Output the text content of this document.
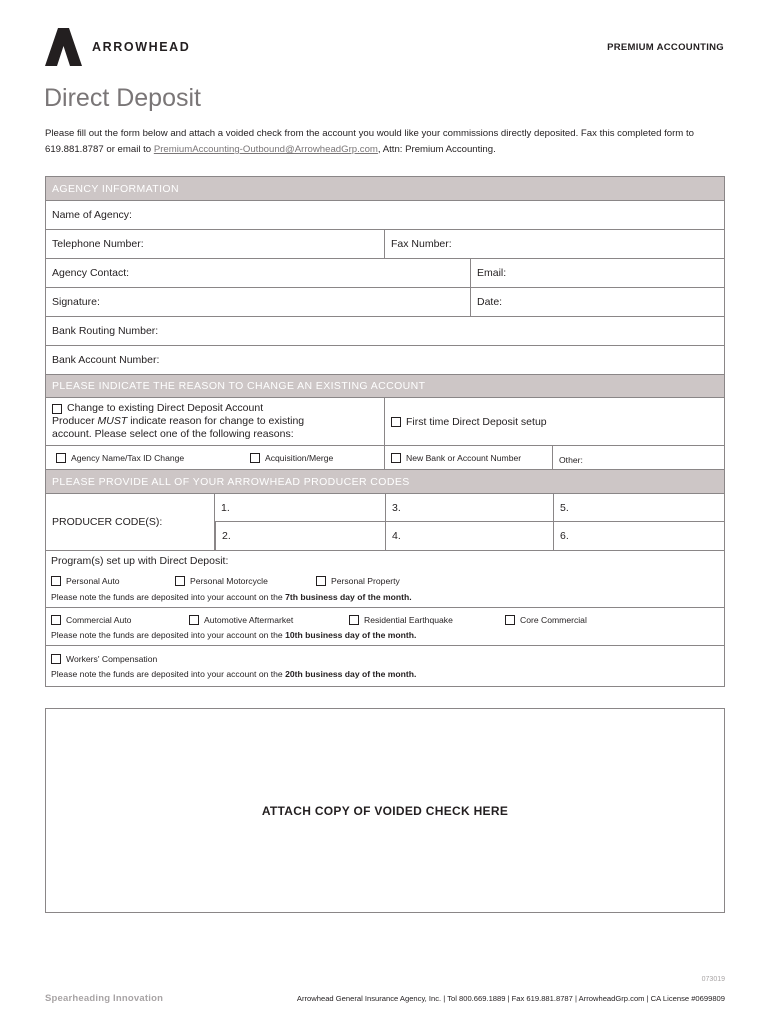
ARROWHEAD	PREMIUM ACCOUNTING
Direct Deposit
Please fill out the form below and attach a voided check from the account you would like your commissions directly deposited. Fax this completed form to 619.881.8787 or email to PremiumAccounting-Outbound@ArrowheadGrp.com, Attn: Premium Accounting.
AGENCY INFORMATION
Name of Agency:
Telephone Number:	Fax Number:
Agency Contact:	Email:
Signature:	Date:
Bank Routing Number:
Bank Account Number:
PLEASE INDICATE THE REASON TO CHANGE AN EXISTING ACCOUNT
Change to existing Direct Deposit Account
Producer MUST indicate reason for change to existing
account. Please select one of the following reasons:
First time Direct Deposit setup
Agency Name/Tax ID Change	Acquisition/Merge	New Bank or Account Number	Other:
PLEASE PROVIDE ALL OF YOUR ARROWHEAD PRODUCER CODES
PRODUCER CODE(S):
1.	3.	5.
2.	4.	6.
Program(s) set up with Direct Deposit:
Personal Auto	Personal Motorcycle	Personal Property
Please note the funds are deposited into your account on the 7th business day of the month.
Commercial Auto	Automotive Aftermarket	Residential Earthquake	Core Commercial
Please note the funds are deposited into your account on the 10th business day of the month.
Workers' Compensation
Please note the funds are deposited into your account on the 20th business day of the month.
ATTACH COPY OF VOIDED CHECK HERE
073019
Spearheading Innovation	Arrowhead General Insurance Agency, Inc. | Tol 800.669.1889 | Fax 619.881.8787 | ArrowheadGrp.com | CA License #0699809
